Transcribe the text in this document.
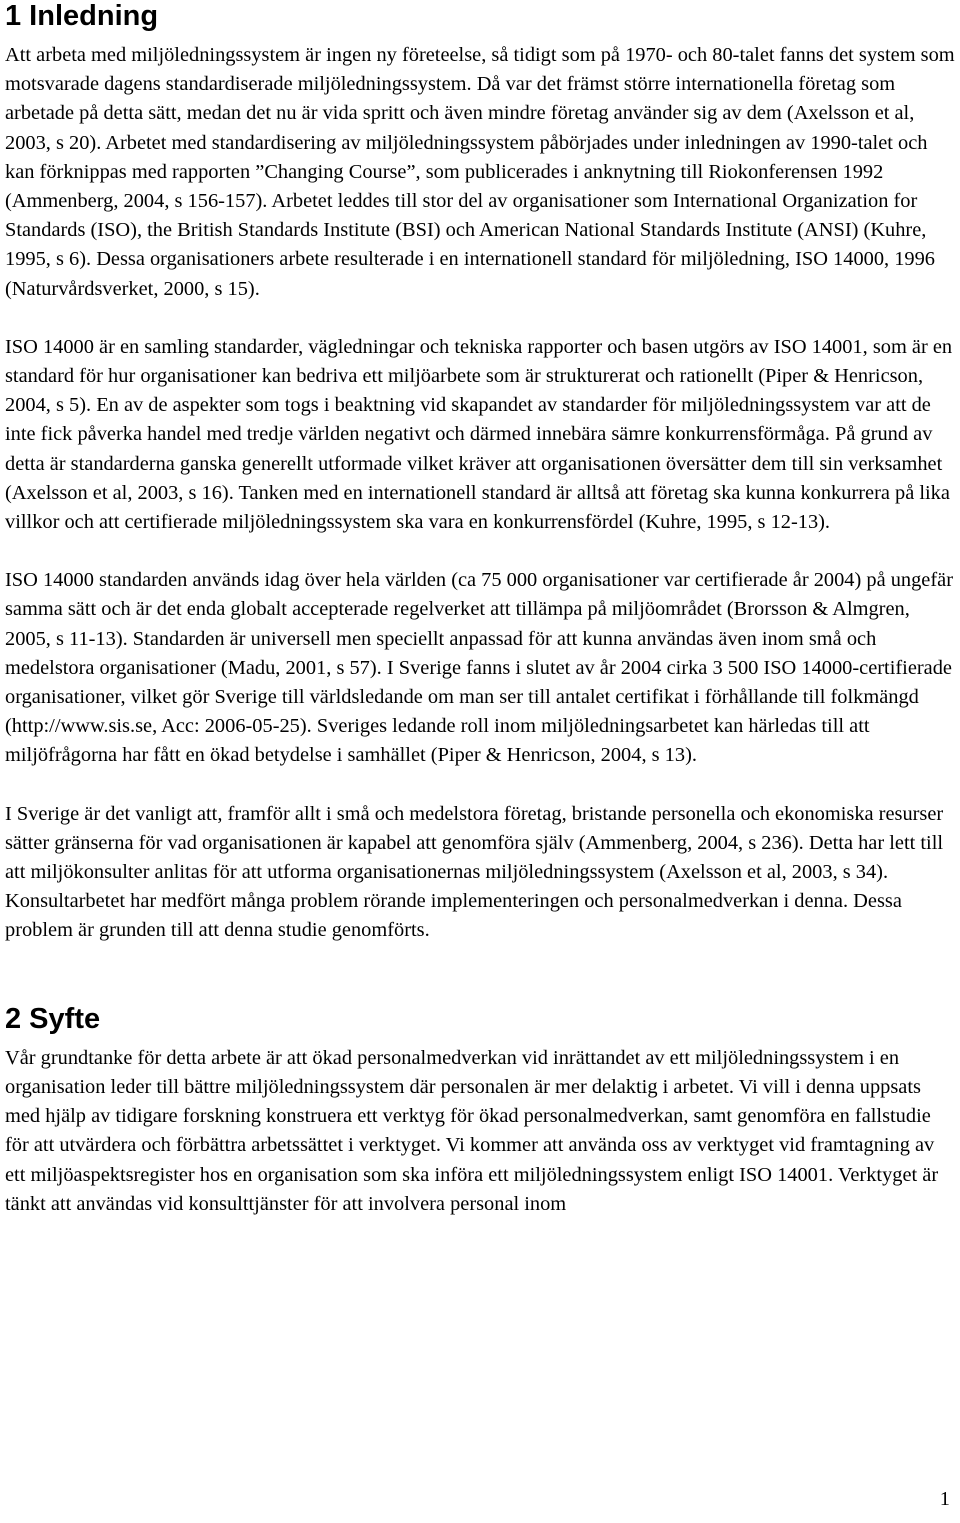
1 Inledning

Att arbeta med miljöledningssystem är ingen ny företeelse, så tidigt som på 1970- och 80-talet fanns det system som motsvarade dagens standardiserade miljöledningssystem. Då var det främst större internationella företag som arbetade på detta sätt, medan det nu är vida spritt och även mindre företag använder sig av dem (Axelsson et al, 2003, s 20). Arbetet med standardisering av miljöledningssystem påbörjades under inledningen av 1990-talet och kan förknippas med rapporten ”Changing Course”, som publicerades i anknytning till Riokonferensen 1992 (Ammenberg, 2004, s 156-157). Arbetet leddes till stor del av organisationer som International Organization for Standards (ISO), the British Standards Institute (BSI) och American National Standards Institute (ANSI) (Kuhre, 1995, s 6). Dessa organisationers arbete resulterade i en internationell standard för miljöledning, ISO 14000, 1996 (Naturvårdsverket, 2000, s 15).

ISO 14000 är en samling standarder, vägledningar och tekniska rapporter och basen utgörs av ISO 14001, som är en standard för hur organisationer kan bedriva ett miljöarbete som är strukturerat och rationellt (Piper & Henricson, 2004, s 5). En av de aspekter som togs i beaktning vid skapandet av standarder för miljöledningssystem var att de inte fick påverka handel med tredje världen negativt och därmed innebära sämre konkurrensförmåga. På grund av detta är standarderna ganska generellt utformade vilket kräver att organisationen översätter dem till sin verksamhet (Axelsson et al, 2003, s 16). Tanken med en internationell standard är alltså att företag ska kunna konkurrera på lika villkor och att certifierade miljöledningssystem ska vara en konkurrensfördel (Kuhre, 1995, s 12-13).

ISO 14000 standarden används idag över hela världen (ca 75 000 organisationer var certifierade år 2004) på ungefär samma sätt och är det enda globalt accepterade regelverket att tillämpa på miljöområdet (Brorsson & Almgren, 2005, s 11-13). Standarden är universell men speciellt anpassad för att kunna användas även inom små och medelstora organisationer (Madu, 2001, s 57). I Sverige fanns i slutet av år 2004 cirka 3 500 ISO 14000-certifierade organisationer, vilket gör Sverige till världsledande om man ser till antalet certifikat i förhållande till folkmängd (http://www.sis.se, Acc: 2006-05-25). Sveriges ledande roll inom miljöledningsarbetet kan härledas till att miljöfrågorna har fått en ökad betydelse i samhället (Piper & Henricson, 2004, s 13).

I Sverige är det vanligt att, framför allt i små och medelstora företag, bristande personella och ekonomiska resurser sätter gränserna för vad organisationen är kapabel att genomföra själv (Ammenberg, 2004, s 236). Detta har lett till att miljökonsulter anlitas för att utforma organisationernas miljöledningssystem (Axelsson et al, 2003, s 34). Konsultarbetet har medfört många problem rörande implementeringen och personalmedverkan i denna. Dessa problem är grunden till att denna studie genomförts.

2 Syfte

Vår grundtanke för detta arbete är att ökad personalmedverkan vid inrättandet av ett miljöledningssystem i en organisation leder till bättre miljöledningssystem där personalen är mer delaktig i arbetet. Vi vill i denna uppsats med hjälp av tidigare forskning konstruera ett verktyg för ökad personalmedverkan, samt genomföra en fallstudie för att utvärdera och förbättra arbetssättet i verktyget. Vi kommer att använda oss av verktyget vid framtagning av ett miljöaspektsregister hos en organisation som ska införa ett miljöledningssystem enligt ISO 14001. Verktyget är tänkt att användas vid konsulttjänster för att involvera personal inom

1
